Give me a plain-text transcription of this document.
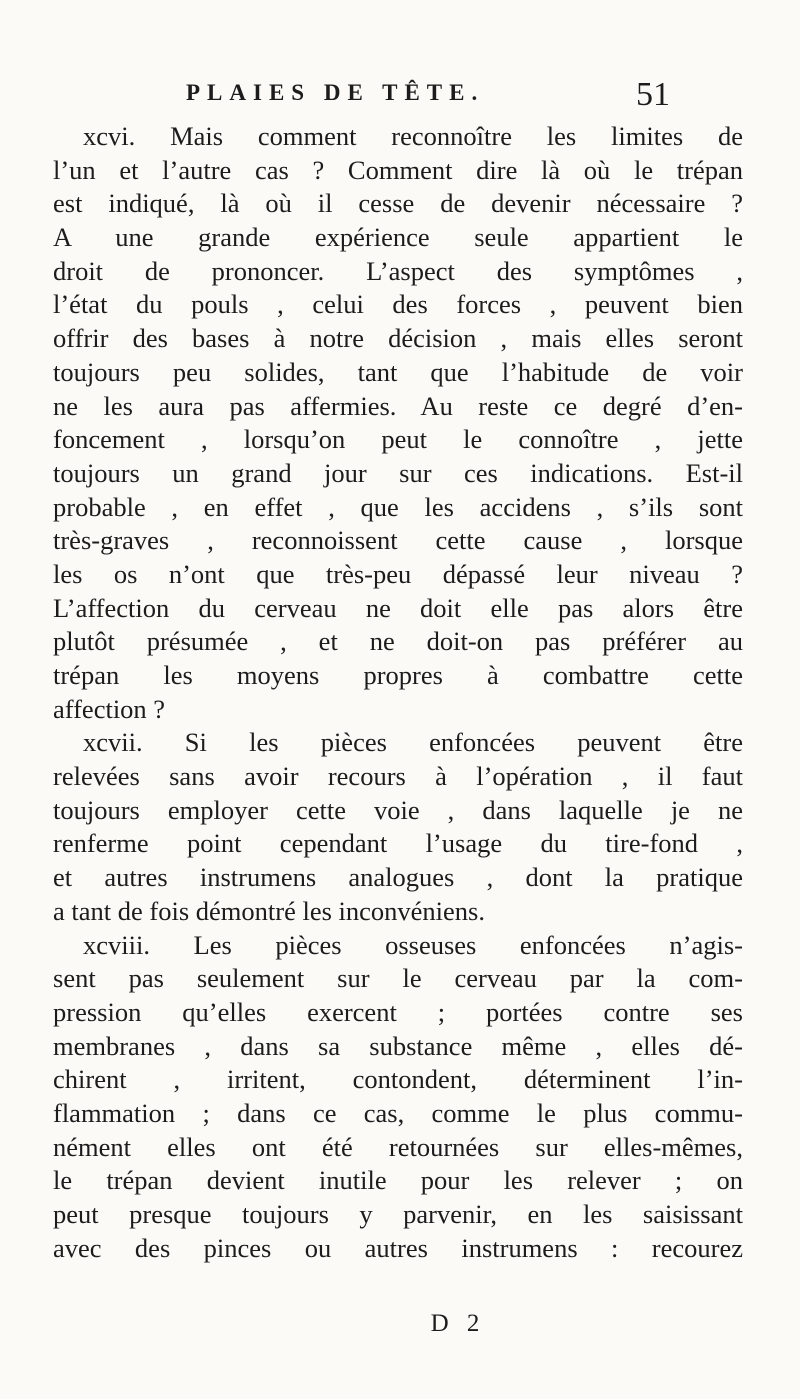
PLAIES DE TÊTE.	51
xcvi. Mais comment reconnoître les limites de
l’un et l’autre cas ? Comment dire là où le trépan
est indiqué, là où il cesse de devenir nécessaire ?
A une grande expérience seule appartient le
droit de prononcer. L’aspect des symptômes ,
l’état du pouls , celui des forces , peuvent bien
offrir des bases à notre décision , mais elles seront
toujours peu solides, tant que l’habitude de voir
ne les aura pas affermies. Au reste ce degré d’en-
foncement , lorsqu’on peut le connoître , jette
toujours un grand jour sur ces indications. Est-il
probable , en effet , que les accidens , s’ils sont
très-graves , reconnoissent cette cause , lorsque
les os n’ont que très-peu dépassé leur niveau ?
L’affection du cerveau ne doit elle pas alors être
plutôt présumée , et ne doit-on pas préférer au
trépan les moyens propres à combattre cette
affection ?
xcvii. Si les pièces enfoncées peuvent être
relevées sans avoir recours à l’opération , il faut
toujours employer cette voie , dans laquelle je ne
renferme point cependant l’usage du tire-fond ,
et autres instrumens analogues , dont la pratique
a tant de fois démontré les inconvéniens.
xcviii. Les pièces osseuses enfoncées n’agis-
sent pas seulement sur le cerveau par la com-
pression qu’elles exercent ; portées contre ses
membranes , dans sa substance même , elles dé-
chirent , irritent, contondent, déterminent l’in-
flammation ; dans ce cas, comme le plus commu-
nément elles ont été retournées sur elles-mêmes,
le trépan devient inutile pour les relever ; on
peut presque toujours y parvenir, en les saisissant
avec des pinces ou autres instrumens : recourez
D 2
